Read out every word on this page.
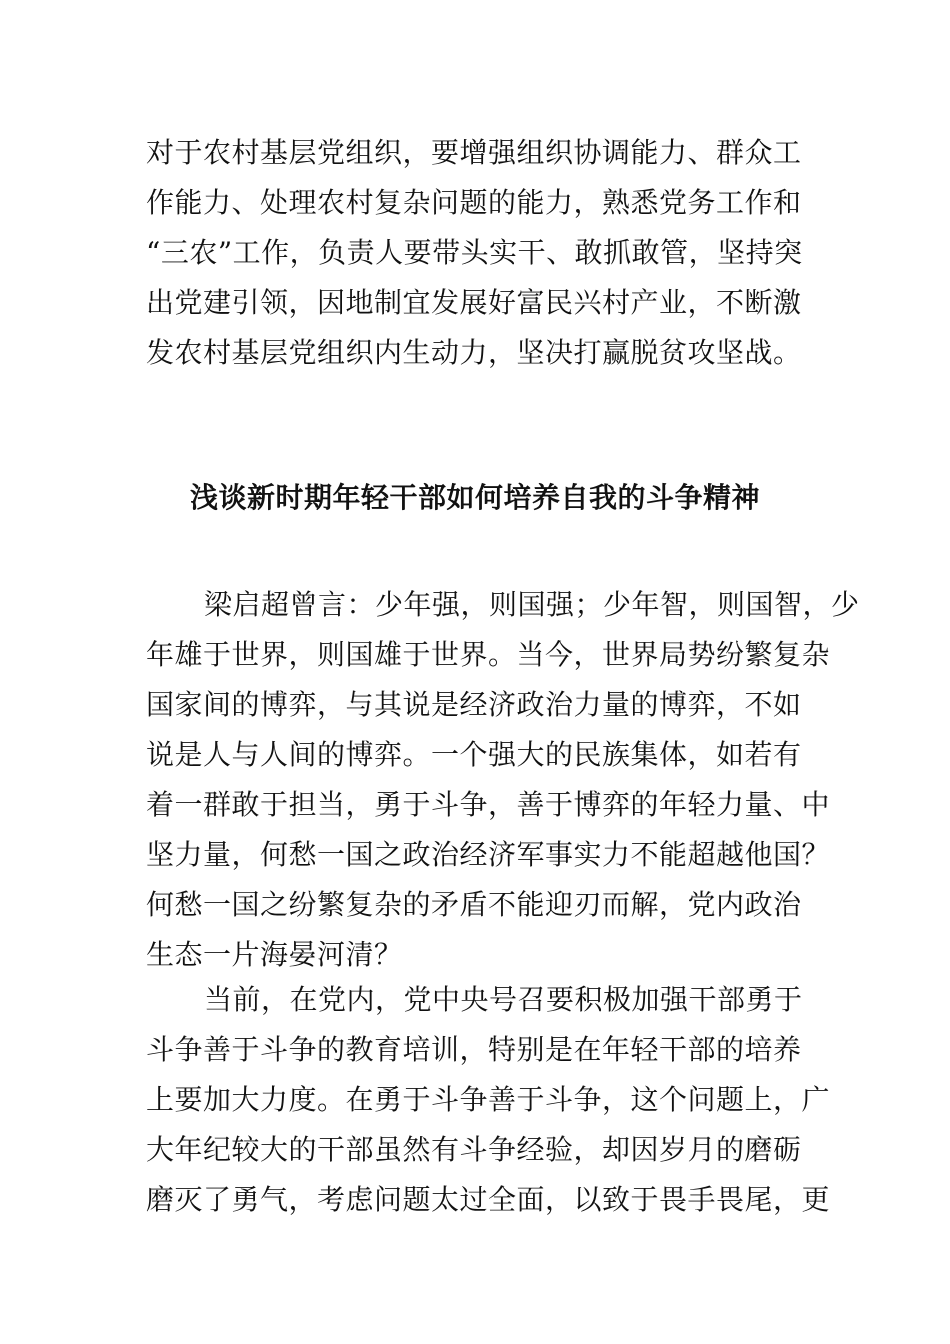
对于农村基层党组织，要增强组织协调能力、群众工
作能力、处理农村复杂问题的能力，熟悉党务工作和
“三农”工作，负责人要带头实干、敢抓敢管，坚持突
出党建引领，因地制宜发展好富民兴村产业，不断激
发农村基层党组织内生动力，坚决打赢脱贫攻坚战。
浅谈新时期年轻干部如何培养自我的斗争精神
梁启超曾言：少年强，则国强；少年智，则国智，少
年雄于世界，则国雄于世界。当今，世界局势纷繁复杂
国家间的博弈，与其说是经济政治力量的博弈，不如
说是人与人间的博弈。一个强大的民族集体，如若有
着一群敢于担当，勇于斗争，善于博弈的年轻力量、中
坚力量，何愁一国之政治经济军事实力不能超越他国？
何愁一国之纷繁复杂的矛盾不能迎刃而解，党内政治
生态一片海晏河清？
当前，在党内，党中央号召要积极加强干部勇于
斗争善于斗争的教育培训，特别是在年轻干部的培养
上要加大力度。在勇于斗争善于斗争，这个问题上，广
大年纪较大的干部虽然有斗争经验，却因岁月的磨砺
磨灭了勇气，考虑问题太过全面，以致于畏手畏尾，更
